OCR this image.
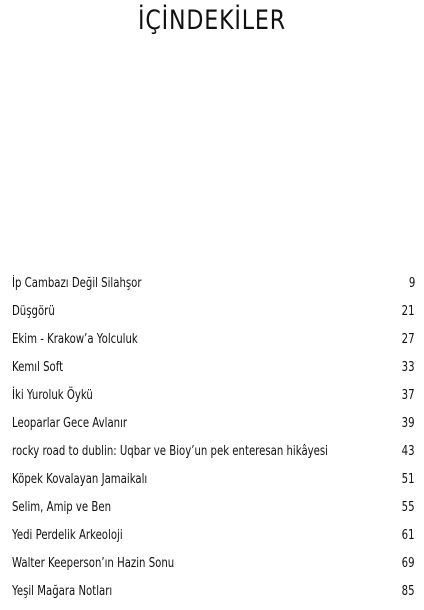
İÇİNDEKİLER
İp Cambazı Değil Silahşor	9
Düşgörü	21
Ekim - Krakow’a Yolculuk	27
Kemıl Soft	33
İki Yuroluk Öykü	37
Leoparlar Gece Avlanır	39
rocky road to dublin: Uqbar ve Bioy’un pek enteresan hikâyesi	43
Köpek Kovalayan Jamaikalı	51
Selim, Amip ve Ben	55
Yedi Perdelik Arkeoloji	61
Walter Keeperson’ın Hazin Sonu	69
Yeşil Mağara Notları	85
